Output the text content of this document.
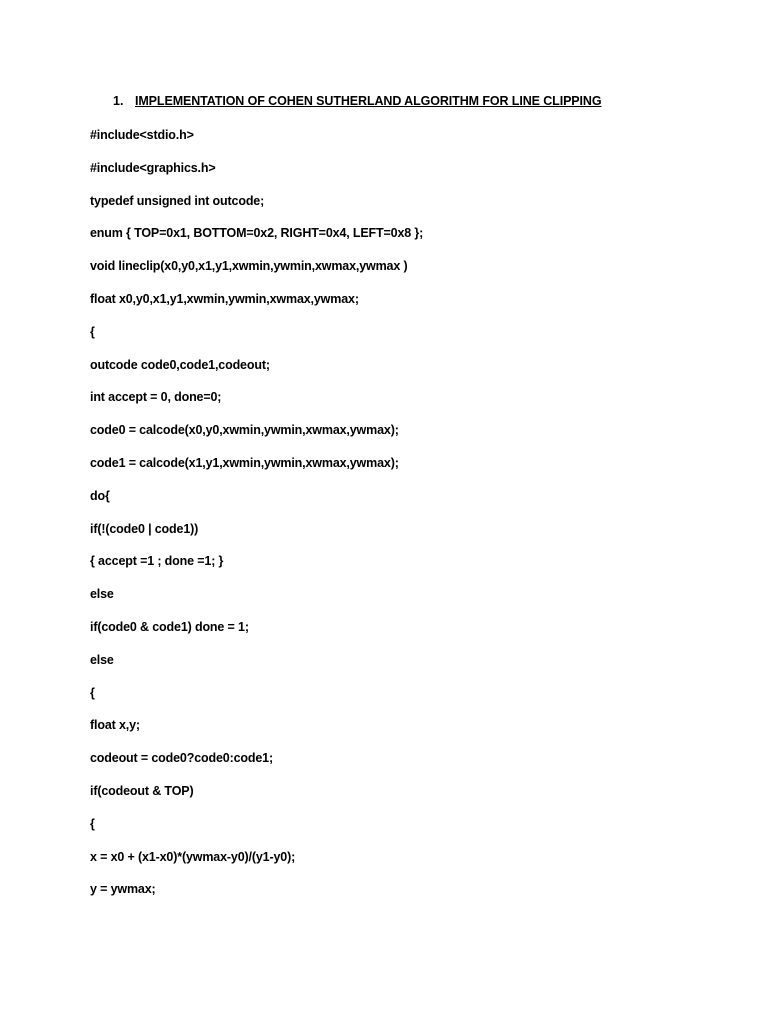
1. IMPLEMENTATION OF COHEN SUTHERLAND ALGORITHM FOR LINE CLIPPING
#include<stdio.h>
#include<graphics.h>
typedef unsigned int outcode;
enum { TOP=0x1, BOTTOM=0x2, RIGHT=0x4, LEFT=0x8 };
void lineclip(x0,y0,x1,y1,xwmin,ywmin,xwmax,ywmax )
float x0,y0,x1,y1,xwmin,ywmin,xwmax,ywmax;
{
outcode code0,code1,codeout;
int accept = 0, done=0;
code0 = calcode(x0,y0,xwmin,ywmin,xwmax,ywmax);
code1 = calcode(x1,y1,xwmin,ywmin,xwmax,ywmax);
do{
if(!(code0 | code1))
{ accept =1 ; done =1; }
else
if(code0 & code1) done = 1;
else
{
float x,y;
codeout = code0?code0:code1;
if(codeout & TOP)
{
x = x0 + (x1-x0)*(ywmax-y0)/(y1-y0);
y = ywmax;
